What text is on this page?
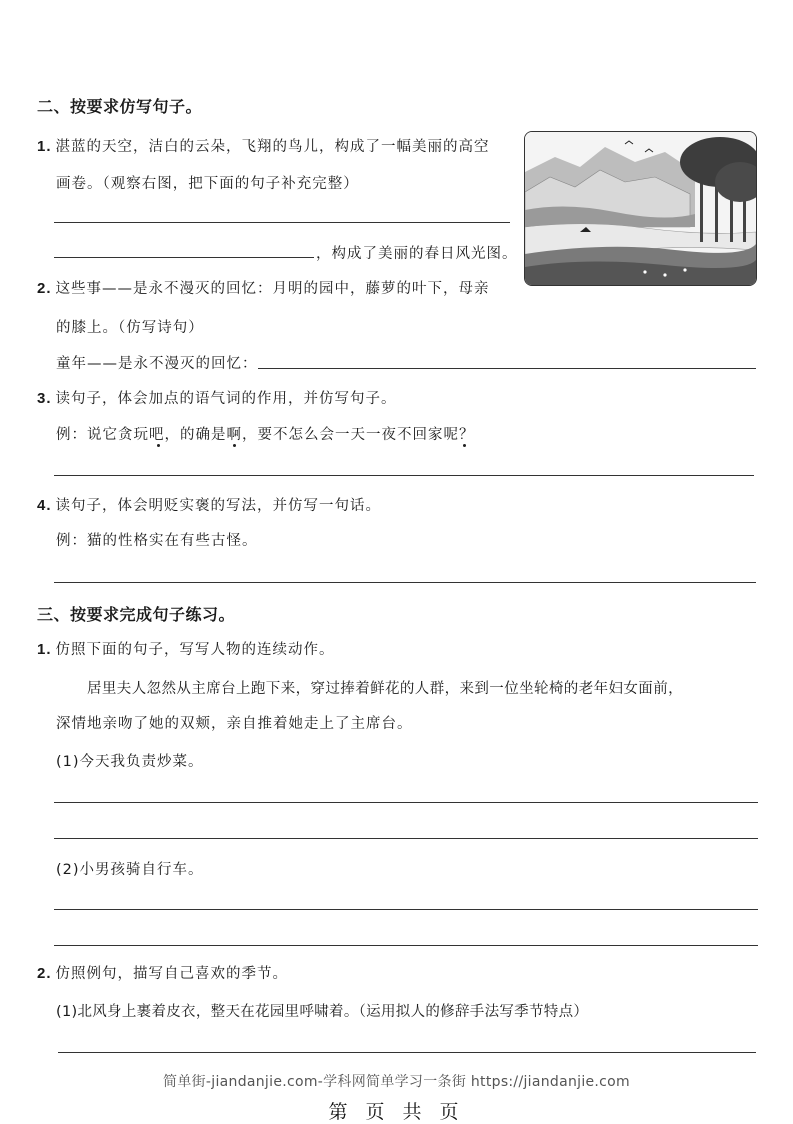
二、按要求仿写句子。
1. 湛蓝的天空，洁白的云朵，飞翔的鸟儿，构成了一幅美丽的高空
画卷。（观察右图，把下面的句子补充完整）
，构成了美丽的春日风光图。
2. 这些事——是永不漫灭的回忆：月明的园中，藤萝的叶下，母亲
的膝上。（仿写诗句）
童年——是永不漫灭的回忆：
3. 读句子，体会加点的语气词的作用，并仿写句子。
例：说它贪玩吧，的确是啊，要不怎么会一天一夜不回家呢？
4. 读句子，体会明贬实褒的写法，并仿写一句话。
例：猫的性格实在有些古怪。
三、按要求完成句子练习。
1. 仿照下面的句子，写写人物的连续动作。
居里夫人忽然从主席台上跑下来，穿过捧着鲜花的人群，来到一位坐轮椅的老年妇女面前，
深情地亲吻了她的双颊，亲自推着她走上了主席台。
(1)今天我负责炒菜。
(2)小男孩骑自行车。
2. 仿照例句，描写自己喜欢的季节。
(1)北风身上裹着皮衣，整天在花园里呼啸着。（运用拟人的修辞手法写季节特点）
简单街-jiandanjie.com-学科网简单学习一条街 https://jiandanjie.com
第 页 共 页
